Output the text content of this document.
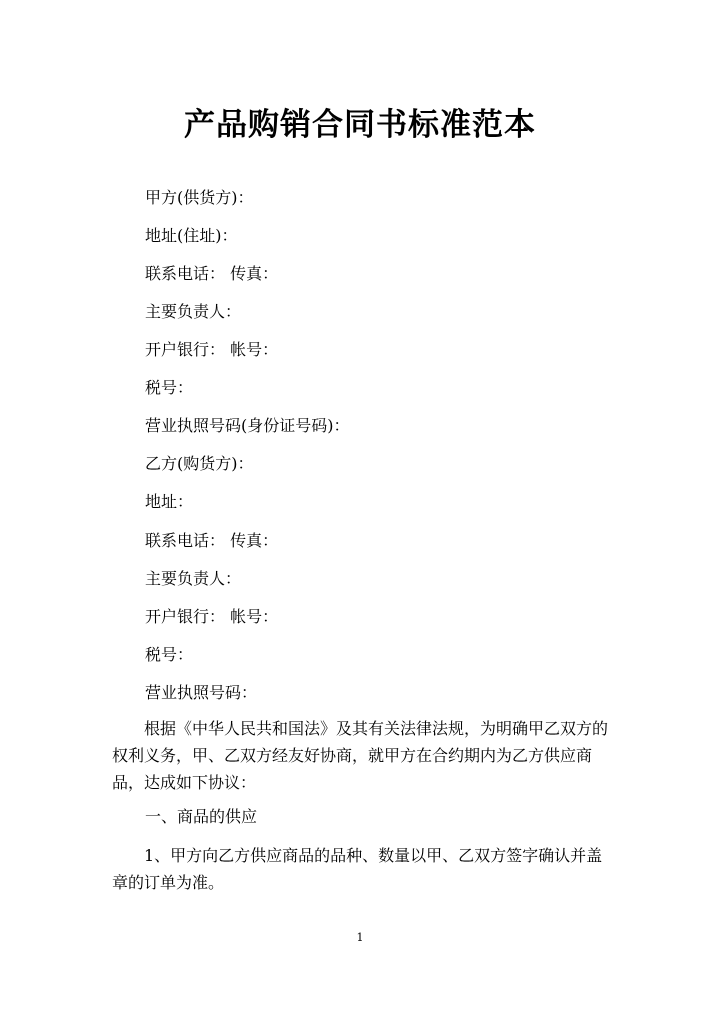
产品购销合同书标准范本
甲方(供货方)：
地址(住址)：
联系电话： 传真：
主要负责人：
开户银行： 帐号：
税号：
营业执照号码(身份证号码)：
乙方(购货方)：
地址：
联系电话： 传真：
主要负责人：
开户银行： 帐号：
税号：
营业执照号码：
根据《中华人民共和国法》及其有关法律法规，为明确甲乙双方的权利义务，甲、乙双方经友好协商，就甲方在合约期内为乙方供应商品，达成如下协议：
一、商品的供应
1、甲方向乙方供应商品的品种、数量以甲、乙双方签字确认并盖章的订单为准。
1
